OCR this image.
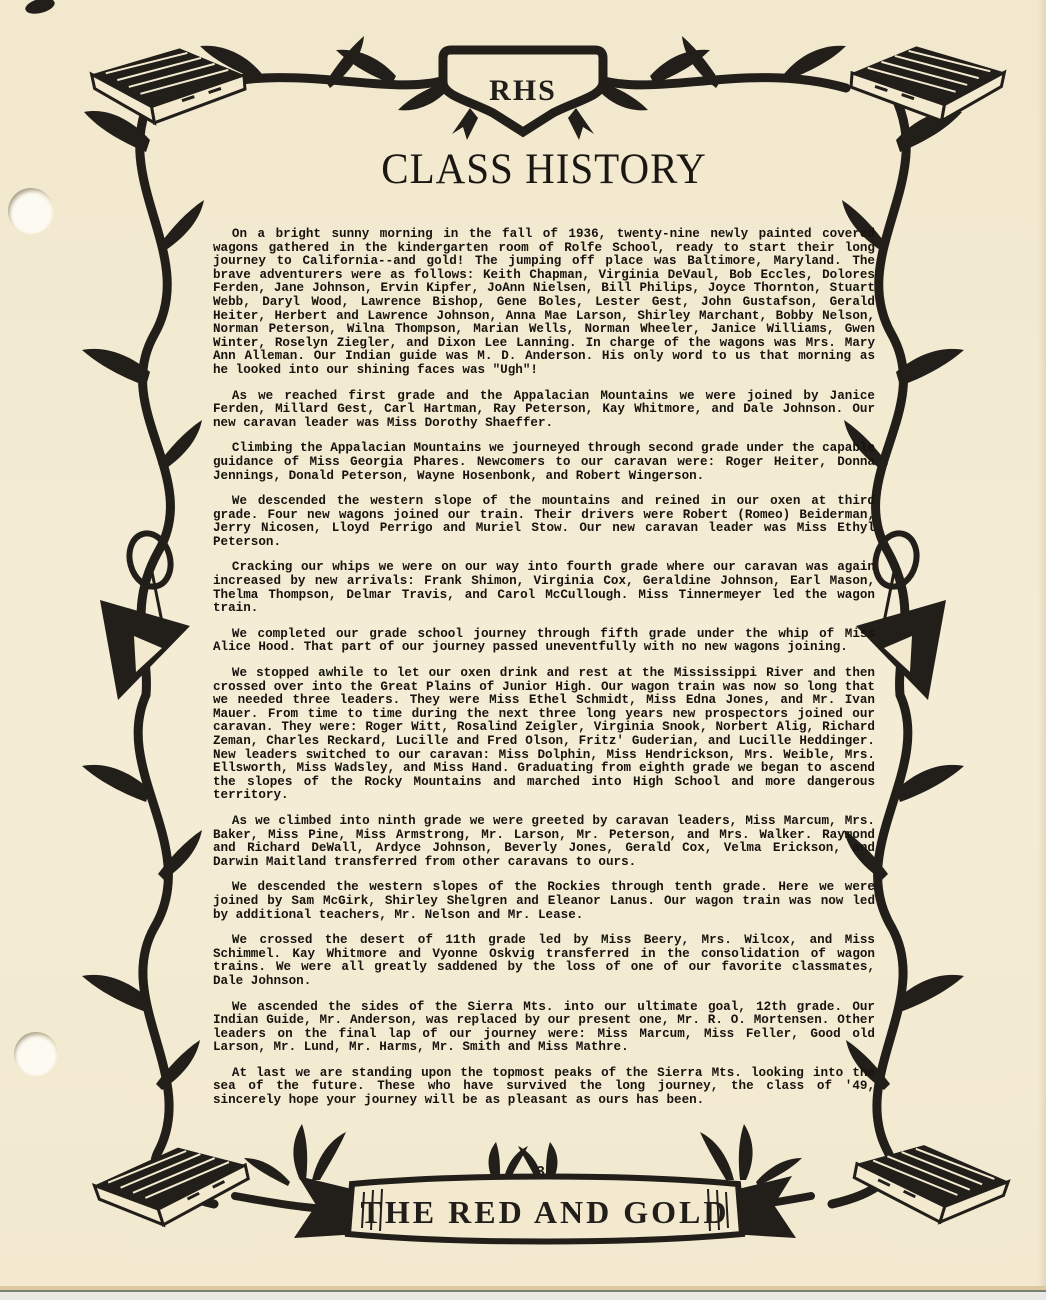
RHS
THE RED AND GOLD
32
CLASS HISTORY

On a bright sunny morning in the fall of 1936, twenty-nine newly painted covered wagons gathered in the kindergarten room of Rolfe School, ready to start their long journey to California--and gold! The jumping off place was Baltimore, Maryland. The brave adventurers were as follows: Keith Chapman, Virginia DeVaul, Bob Eccles, Dolores Ferden, Jane Johnson, Ervin Kipfer, JoAnn Nielsen, Bill Philips, Joyce Thornton, Stuart Webb, Daryl Wood, Lawrence Bishop, Gene Boles, Lester Gest, John Gustafson, Gerald Heiter, Herbert and Lawrence Johnson, Anna Mae Larson, Shirley Marchant, Bobby Nelson, Norman Peterson, Wilna Thompson, Marian Wells, Norman Wheeler, Janice Williams, Gwen Winter, Roselyn Ziegler, and Dixon Lee Lanning. In charge of the wagons was Mrs. Mary Ann Alleman. Our Indian guide was M. D. Anderson. His only word to us that morning as he looked into our shining faces was "Ugh"!

As we reached first grade and the Appalacian Mountains we were joined by Janice Ferden, Millard Gest, Carl Hartman, Ray Peterson, Kay Whitmore, and Dale Johnson. Our new caravan leader was Miss Dorothy Shaeffer.

Climbing the Appalacian Mountains we journeyed through second grade under the capable guidance of Miss Georgia Phares. Newcomers to our caravan were: Roger Heiter, Donna Jennings, Donald Peterson, Wayne Hosenbonk, and Robert Wingerson.

We descended the western slope of the mountains and reined in our oxen at third grade. Four new wagons joined our train. Their drivers were Robert (Romeo) Beiderman, Jerry Nicosen, Lloyd Perrigo and Muriel Stow. Our new caravan leader was Miss Ethyl Peterson.

Cracking our whips we were on our way into fourth grade where our caravan was again increased by new arrivals: Frank Shimon, Virginia Cox, Geraldine Johnson, Earl Mason, Thelma Thompson, Delmar Travis, and Carol McCullough. Miss Tinnermeyer led the wagon train.

We completed our grade school journey through fifth grade under the whip of Miss Alice Hood. That part of our journey passed uneventfully with no new wagons joining.

We stopped awhile to let our oxen drink and rest at the Mississippi River and then crossed over into the Great Plains of Junior High. Our wagon train was now so long that we needed three leaders. They were Miss Ethel Schmidt, Miss Edna Jones, and Mr. Ivan Mauer. From time to time during the next three long years new prospectors joined our caravan. They were: Roger Witt, Rosalind Zeigler, Virginia Snook, Norbert Alig, Richard Zeman, Charles Reckard, Lucille and Fred Olson, Fritz' Guderian, and Lucille Heddinger. New leaders switched to our caravan: Miss Dolphin, Miss Hendrickson, Mrs. Weible, Mrs. Ellsworth, Miss Wadsley, and Miss Hand. Graduating from eighth grade we began to ascend the slopes of the Rocky Mountains and marched into High School and more dangerous territory.

As we climbed into ninth grade we were greeted by caravan leaders, Miss Marcum, Mrs. Baker, Miss Pine, Miss Armstrong, Mr. Larson, Mr. Peterson, and Mrs. Walker. Raymond and Richard DeWall, Ardyce Johnson, Beverly Jones, Gerald Cox, Velma Erickson, and Darwin Maitland transferred from other caravans to ours.

We descended the western slopes of the Rockies through tenth grade. Here we were joined by Sam McGirk, Shirley Shelgren and Eleanor Lanus. Our wagon train was now led by additional teachers, Mr. Nelson and Mr. Lease.

We crossed the desert of 11th grade led by Miss Beery, Mrs. Wilcox, and Miss Schimmel. Kay Whitmore and Vyonne Oskvig transferred in the consolidation of wagon trains. We were all greatly saddened by the loss of one of our favorite classmates, Dale Johnson.

We ascended the sides of the Sierra Mts. into our ultimate goal, 12th grade. Our Indian Guide, Mr. Anderson, was replaced by our present one, Mr. R. O. Mortensen. Other leaders on the final lap of our journey were: Miss Marcum, Miss Feller, Good old Larson, Mr. Lund, Mr. Harms, Mr. Smith and Miss Mathre.

At last we are standing upon the topmost peaks of the Sierra Mts. looking into the sea of the future. These who have survived the long journey, the class of '49, sincerely hope your journey will be as pleasant as ours has been.
